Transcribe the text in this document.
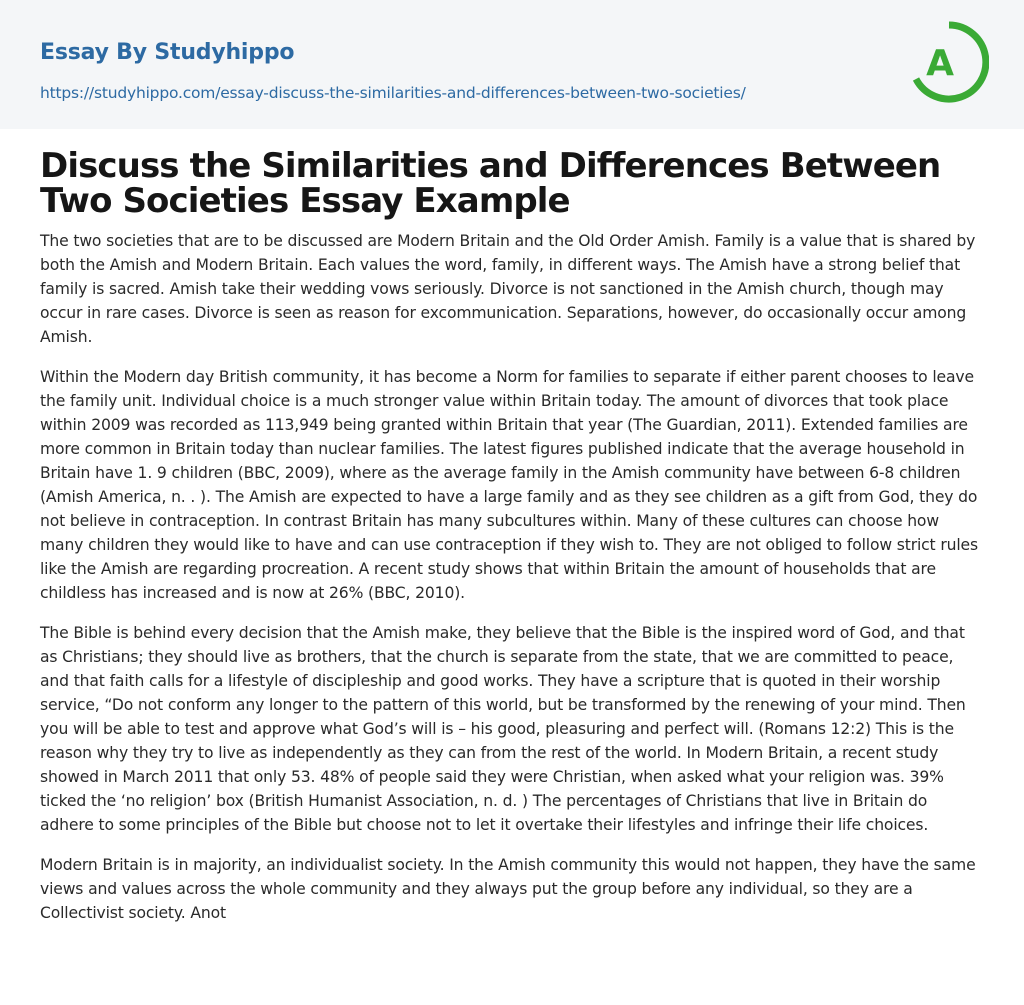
Essay By Studyhippo
https://studyhippo.com/essay-discuss-the-similarities-and-differences-between-two-societies/
A
Discuss the Similarities and Differences Between Two Societies Essay Example

The two societies that are to be discussed are Modern Britain and the Old Order Amish. Family is a value that is shared by both the Amish and Modern Britain. Each values the word, family, in different ways. The Amish have a strong belief that family is sacred. Amish take their wedding vows seriously. Divorce is not sanctioned in the Amish church, though may occur in rare cases. Divorce is seen as reason for excommunication. Separations, however, do occasionally occur among Amish.

Within the Modern day British community, it has become a Norm for families to separate if either parent chooses to leave the family unit. Individual choice is a much stronger value within Britain today. The amount of divorces that took place within 2009 was recorded as 113,949 being granted within Britain that year (The Guardian, 2011). Extended families are more common in Britain today than nuclear families. The latest figures published indicate that the average household in Britain have 1. 9 children (BBC, 2009), where as the average family in the Amish community have between 6-8 children (Amish America, n. . ). The Amish are expected to have a large family and as they see children as a gift from God, they do not believe in contraception. In contrast Britain has many subcultures within. Many of these cultures can choose how many children they would like to have and can use contraception if they wish to. They are not obliged to follow strict rules like the Amish are regarding procreation. A recent study shows that within Britain the amount of households that are childless has increased and is now at 26% (BBC, 2010).

The Bible is behind every decision that the Amish make, they believe that the Bible is the inspired word of God, and that as Christians; they should live as brothers, that the church is separate from the state, that we are committed to peace, and that faith calls for a lifestyle of discipleship and good works. They have a scripture that is quoted in their worship service, “Do not conform any longer to the pattern of this world, but be transformed by the renewing of your mind. Then you will be able to test and approve what God’s will is – his good, pleasuring and perfect will. (Romans 12:2) This is the reason why they try to live as independently as they can from the rest of the world. In Modern Britain, a recent study showed in March 2011 that only 53. 48% of people said they were Christian, when asked what your religion was. 39% ticked the ‘no religion’ box (British Humanist Association, n. d. ) The percentages of Christians that live in Britain do adhere to some principles of the Bible but choose not to let it overtake their lifestyles and infringe their life choices.

Modern Britain is in majority, an individualist society. In the Amish community this would not happen, they have the same views and values across the whole community and they always put the group before any individual, so they are a Collectivist society. Anot
